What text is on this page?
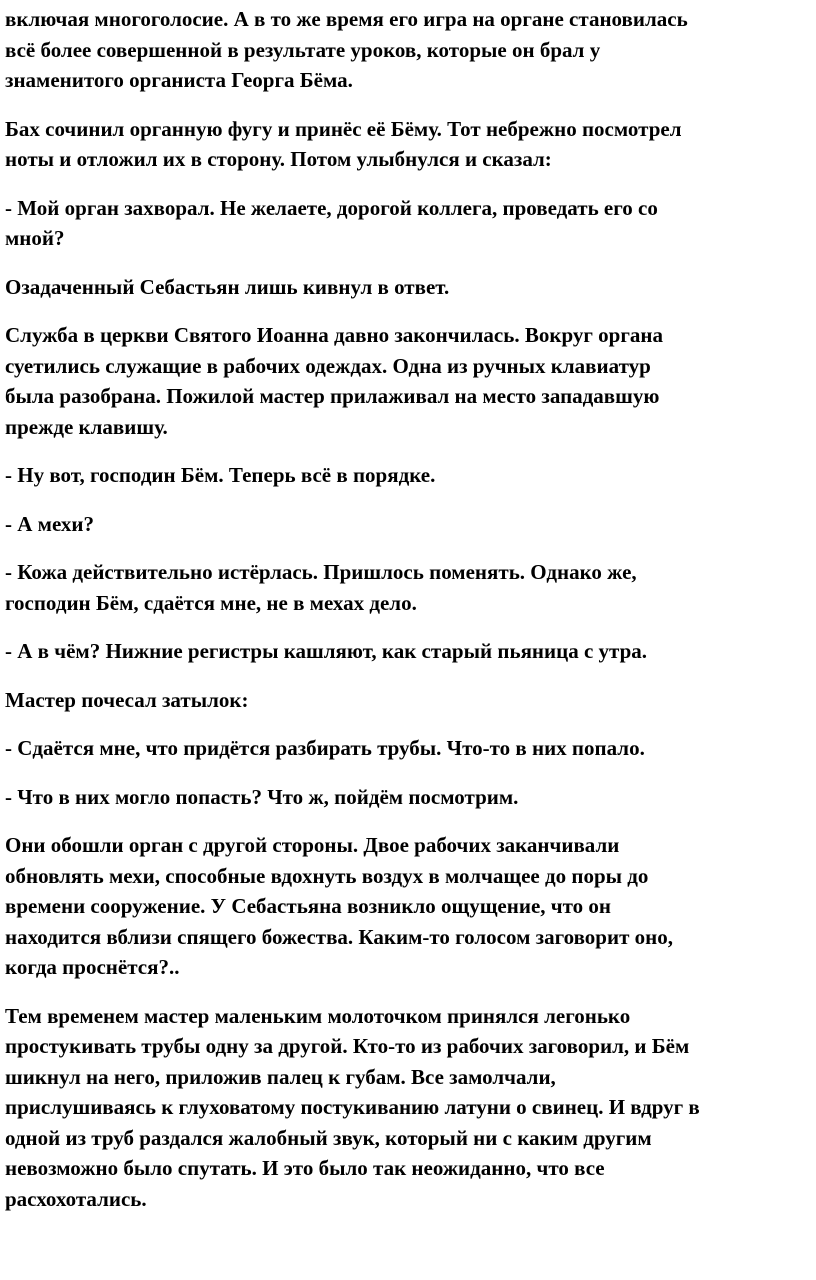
включая многоголосие. А в то же время его игра на органе становилась
всё более совершенной в результате уроков, которые он брал у
знаменитого органиста Георга Бёма.

Бах сочинил органную фугу и принёс её Бёму. Тот небрежно посмотрел
ноты и отложил их в сторону. Потом улыбнулся и сказал:

- Мой орган захворал. Не желаете, дорогой коллега, проведать его со
мной?

Озадаченный Себастьян лишь кивнул в ответ.

Служба в церкви Святого Иоанна давно закончилась. Вокруг органа
суетились служащие в рабочих одеждах. Одна из ручных клавиатур
была разобрана. Пожилой мастер прилаживал на место западавшую
прежде клавишу.

- Ну вот, господин Бём. Теперь всё в порядке.

- А мехи?

- Кожа действительно истёрлась. Пришлось поменять. Однако же,
господин Бём, сдаётся мне, не в мехах дело.

- А в чём? Нижние регистры кашляют, как старый пьяница с утра.

Мастер почесал затылок:

- Сдаётся мне, что придётся разбирать трубы. Что-то в них попало.

- Что в них могло попасть? Что ж, пойдём посмотрим.

Они обошли орган с другой стороны. Двое рабочих заканчивали
обновлять мехи, способные вдохнуть воздух в молчащее до поры до
времени сооружение. У Себастьяна возникло ощущение, что он
находится вблизи спящего божества. Каким-то голосом заговорит оно,
когда проснётся?..

Тем временем мастер маленьким молоточком принялся легонько
простукивать трубы одну за другой. Кто-то из рабочих заговорил, и Бём
шикнул на него, приложив палец к губам. Все замолчали,
прислушиваясь к глуховатому постукиванию латуни о свинец. И вдруг в
одной из труб раздался жалобный звук, который ни с каким другим
невозможно было спутать. И это было так неожиданно, что все
расхохотались.
